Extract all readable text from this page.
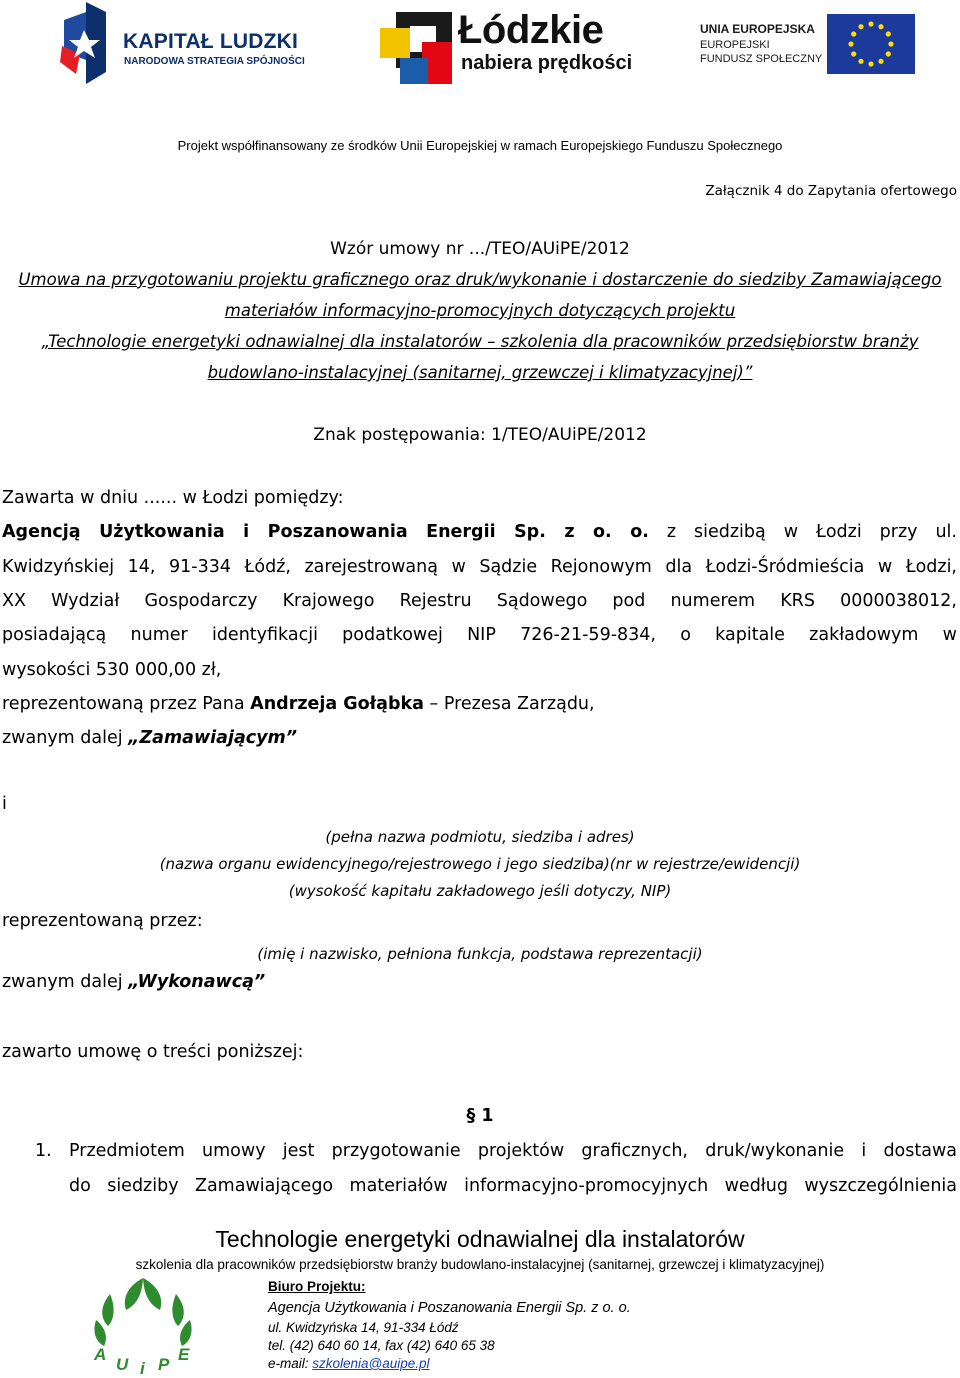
KAPITAŁ LUDZKI
NARODOWA STRATEGIA SPÓJNOŚCI
Łódzkie
nabiera prędkości
UNIA EUROPEJSKA
EUROPEJSKI
FUNDUSZ SPOŁECZNY
Projekt współfinansowany ze środków Unii Europejskiej w ramach Europejskiego Funduszu Społecznego
Załącznik 4 do Zapytania ofertowego
Wzór umowy nr .../TEO/AUiPE/2012
Umowa na przygotowaniu projektu graficznego oraz druk/wykonanie i dostarczenie do siedziby Zamawiającego
materiałów informacyjno-promocyjnych dotyczących projektu
„Technologie energetyki odnawialnej dla instalatorów – szkolenia dla pracowników przedsiębiorstw branży
budowlano-instalacyjnej (sanitarnej, grzewczej i klimatyzacyjnej)”
Znak postępowania: 1/TEO/AUiPE/2012
Zawarta w dniu ...... w Łodzi pomiędzy:
Agencją Użytkowania i Poszanowania Energii Sp. z o. o. z siedzibą w Łodzi przy ul.
Kwidzyńskiej 14, 91-334 Łódź, zarejestrowaną w Sądzie Rejonowym dla Łodzi-Śródmieścia w Łodzi,
XX Wydział Gospodarczy Krajowego Rejestru Sądowego pod numerem KRS 0000038012,
posiadającą numer identyfikacji podatkowej NIP 726-21-59-834, o kapitale zakładowym w
wysokości 530 000,00 zł,
reprezentowaną przez Pana Andrzeja Gołąbka – Prezesa Zarządu,
zwanym dalej „Zamawiającym”
i
(pełna nazwa podmiotu, siedziba i adres)
(nazwa organu ewidencyjnego/rejestrowego i jego siedziba)(nr w rejestrze/ewidencji)
(wysokość kapitału zakładowego jeśli dotyczy, NIP)
reprezentowaną przez:
(imię i nazwisko, pełniona funkcja, podstawa reprezentacji)
zwanym dalej „Wykonawcą”
zawarto umowę o treści poniższej:
§ 1
1. Przedmiotem umowy jest przygotowanie projektów graficznych, druk/wykonanie i dostawa
do siedziby Zamawiającego materiałów informacyjno-promocyjnych według wyszczególnienia
Technologie energetyki odnawialnej dla instalatorów
szkolenia dla pracowników przedsiębiorstw branży budowlano-instalacyjnej (sanitarnej, grzewczej i klimatyzacyjnej)
A
U i P
E
Biuro Projektu:
Agencja Użytkowania i Poszanowania Energii Sp. z o. o.
ul. Kwidzyńska 14, 91-334 Łódź
tel. (42) 640 60 14, fax (42) 640 65 38
e-mail: szkolenia@auipe.pl
